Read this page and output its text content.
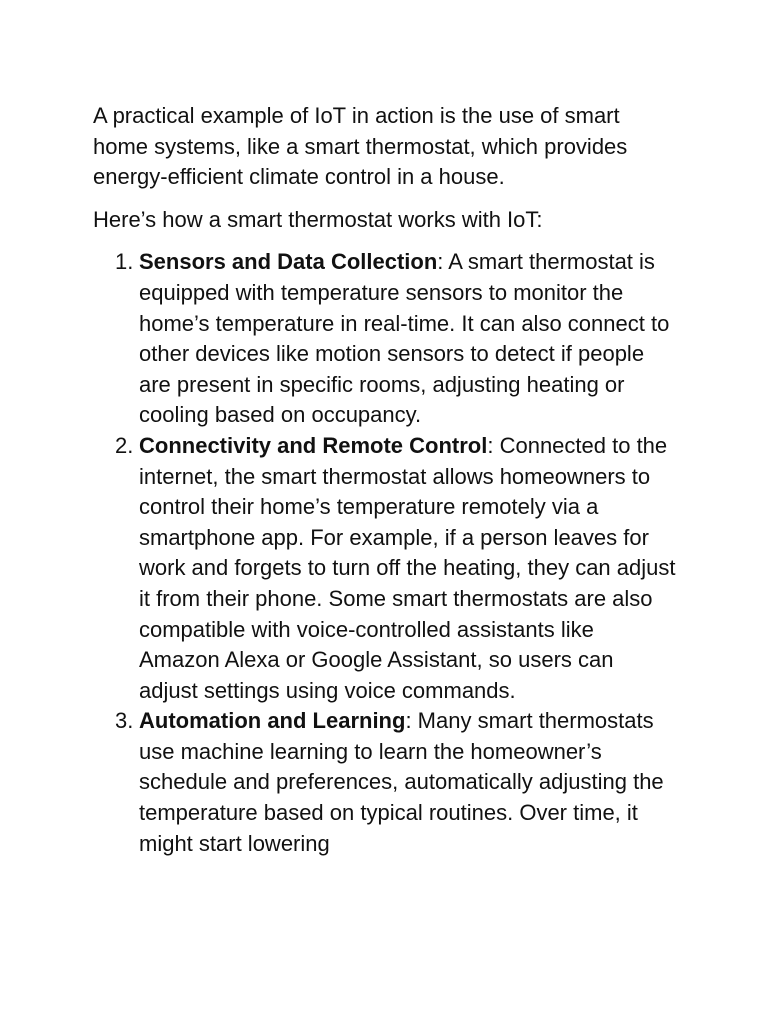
A practical example of IoT in action is the use of smart home systems, like a smart thermostat, which provides energy-efficient climate control in a house.

Here’s how a smart thermostat works with IoT:

1. Sensors and Data Collection: A smart thermostat is equipped with temperature sensors to monitor the home’s temperature in real-time. It can also connect to other devices like motion sensors to detect if people are present in specific rooms, adjusting heating or cooling based on occupancy.
2. Connectivity and Remote Control: Connected to the internet, the smart thermostat allows homeowners to control their home’s temperature remotely via a smartphone app. For example, if a person leaves for work and forgets to turn off the heating, they can adjust it from their phone. Some smart thermostats are also compatible with voice-controlled assistants like Amazon Alexa or Google Assistant, so users can adjust settings using voice commands.
3. Automation and Learning: Many smart thermostats use machine learning to learn the homeowner’s schedule and preferences, automatically adjusting the temperature based on typical routines. Over time, it might start lowering
